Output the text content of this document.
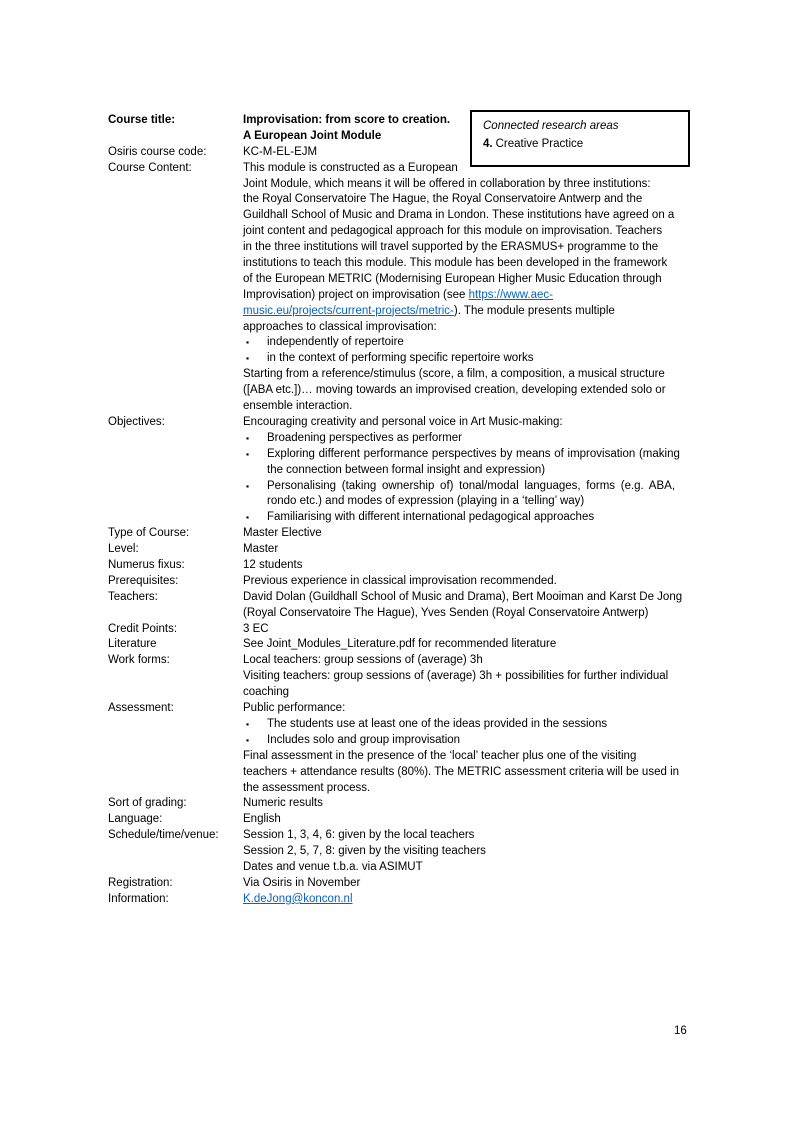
Connected research areas
4. Creative Practice
Course title:	Improvisation: from score to creation.
A European Joint Module
Osiris course code:	KC-M-EL-EJM
Course Content:	This module is constructed as a European
Joint Module, which means it will be offered in collaboration by three institutions:
the Royal Conservatoire The Hague, the Royal Conservatoire Antwerp and the
Guildhall School of Music and Drama in London. These institutions have agreed on a
joint content and pedagogical approach for this module on improvisation. Teachers
in the three institutions will travel supported by the ERASMUS+ programme to the
institutions to teach this module. This module has been developed in the framework
of the European METRIC (Modernising European Higher Music Education through
Improvisation) project on improvisation (see https://www.aec-
music.eu/projects/current-projects/metric-). The module presents multiple
approaches to classical improvisation:
▪	independently of repertoire
▪	in the context of performing specific repertoire works
Starting from a reference/stimulus (score, a film, a composition, a musical structure
([ABA etc.])… moving towards an improvised creation, developing extended solo or
ensemble interaction.
Objectives:	Encouraging creativity and personal voice in Art Music-making:
▪	Broadening perspectives as performer
▪	Exploring different performance perspectives by means of improvisation (making
the connection between formal insight and expression)
▪	Personalising (taking ownership of) tonal/modal languages, forms (e.g. ABA,
rondo etc.) and modes of expression (playing in a ‘telling’ way)
▪	Familiarising with different international pedagogical approaches
Type of Course:	Master Elective
Level:	Master
Numerus fixus:	12 students
Prerequisites:	Previous experience in classical improvisation recommended.
Teachers:	David Dolan (Guildhall School of Music and Drama), Bert Mooiman and Karst De Jong
(Royal Conservatoire The Hague), Yves Senden (Royal Conservatoire Antwerp)
Credit Points:	3 EC
Literature	See Joint_Modules_Literature.pdf for recommended literature
Work forms:	Local teachers: group sessions of (average) 3h
Visiting teachers: group sessions of (average) 3h + possibilities for further individual
coaching
Assessment:	Public performance:
▪	The students use at least one of the ideas provided in the sessions
▪	Includes solo and group improvisation
Final assessment in the presence of the ‘local’ teacher plus one of the visiting
teachers + attendance results (80%). The METRIC assessment criteria will be used in
the assessment process.
Sort of grading:	Numeric results
Language:	English
Schedule/time/venue:	Session 1, 3, 4, 6: given by the local teachers
Session 2, 5, 7, 8: given by the visiting teachers
Dates and venue t.b.a. via ASIMUT
Registration:	Via Osiris in November
Information:	K.deJong@koncon.nl
16
